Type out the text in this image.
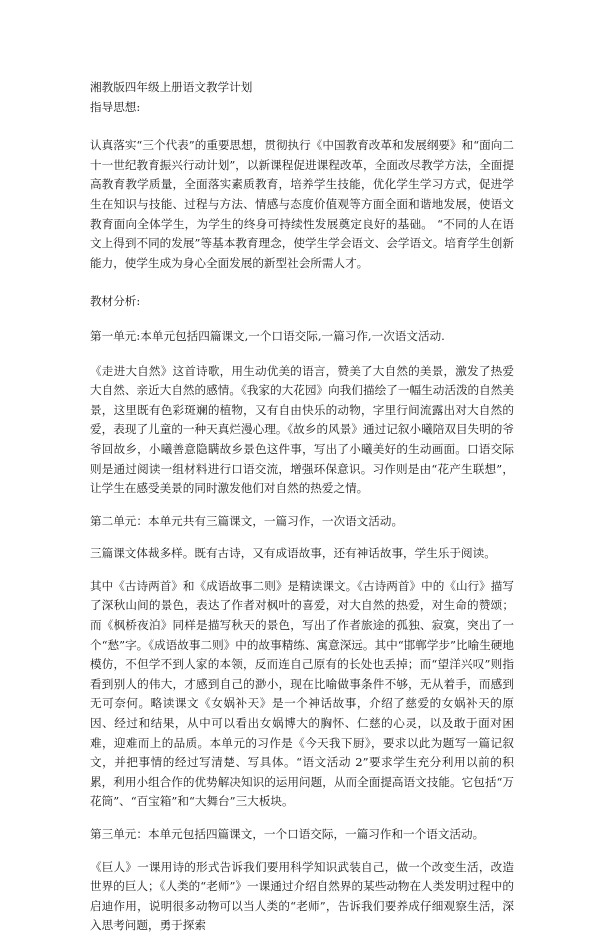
湘教版四年级上册语文教学计划

指导思想:

认真落实“三个代表”的重要思想，贯彻执行《中国教育改革和发展纲要》和“面向二十一世纪教育振兴行动计划”，以新课程促进课程改革，全面改尽教学方法，全面提高教育教学质量，全面落实素质教育，培养学生技能，优化学生学习方式，促进学生在知识与技能、过程与方法、情感与态度价值观等方面全面和谐地发展，使语文教育面向全体学生，为学生的终身可持续性发展奠定良好的基础。 “不同的人在语文上得到不同的发展”等基本教育理念，使学生学会语文、会学语文。培育学生创新能力，使学生成为身心全面发展的新型社会所需人才。

教材分析:

第一单元:本单元包括四篇课文,一个口语交际,一篇习作,一次语文活动.

《走进大自然》这首诗歌，用生动优美的语言，赞美了大自然的美景，激发了热爱大自然、亲近大自然的感情。《我家的大花园》向我们描绘了一幅生动活泼的自然美景，这里既有色彩斑斓的植物，又有自由快乐的动物，字里行间流露出对大自然的爱，表现了儿童的一种天真烂漫心理。《故乡的风景》通过记叙小曦陪双目失明的爷爷回故乡，小曦善意隐瞒故乡景色这件事，写出了小曦美好的生动画面。口语交际则是通过阅读一组材料进行口语交流，增强环保意识。习作则是由“花产生联想”，让学生在感受美景的同时激发他们对自然的热爱之情。

第二单元：本单元共有三篇课文，一篇习作，一次语文活动。

三篇课文体裁多样。既有古诗，又有成语故事，还有神话故事，学生乐于阅读。

其中《古诗两首》和《成语故事二则》是精读课文。《古诗两首》中的《山行》描写了深秋山间的景色，表达了作者对枫叶的喜爱，对大自然的热爱，对生命的赞颂；而《枫桥夜泊》同样是描写秋天的景色，写出了作者旅途的孤独、寂寞，突出了一个“愁”字。《成语故事二则》中的故事精练、寓意深远。其中“邯郸学步”比喻生硬地模仿，不但学不到人家的本领，反而连自己原有的长处也丢掉；而“望洋兴叹”则指看到别人的伟大，才感到自己的渺小，现在比喻做事条件不够，无从着手，而感到无可奈何。略读课文《女娲补天》是一个神话故事，介绍了慈爱的女娲补天的原因、经过和结果，从中可以看出女娲博大的胸怀、仁慈的心灵，以及敢于面对困难，迎难而上的品质。本单元的习作是《今天我下厨》，要求以此为题写一篇记叙文，并把事情的经过写清楚、写具体。“语文活动 2”要求学生充分利用以前的积累，利用小组合作的优势解决知识的运用问题，从而全面提高语文技能。它包括“万花筒”、“百宝箱”和“大舞台”三大板块。

第三单元：本单元包括四篇课文，一个口语交际，一篇习作和一个语文活动。

《巨人》一课用诗的形式告诉我们要用科学知识武装自己，做一个改变生活，改造世界的巨人；《人类的“老师”》一课通过介绍自然界的某些动物在人类发明过程中的启迪作用，说明很多动物可以当人类的“老师”，告诉我们要养成仔细观察生活，深入思考问题，勇于探索
